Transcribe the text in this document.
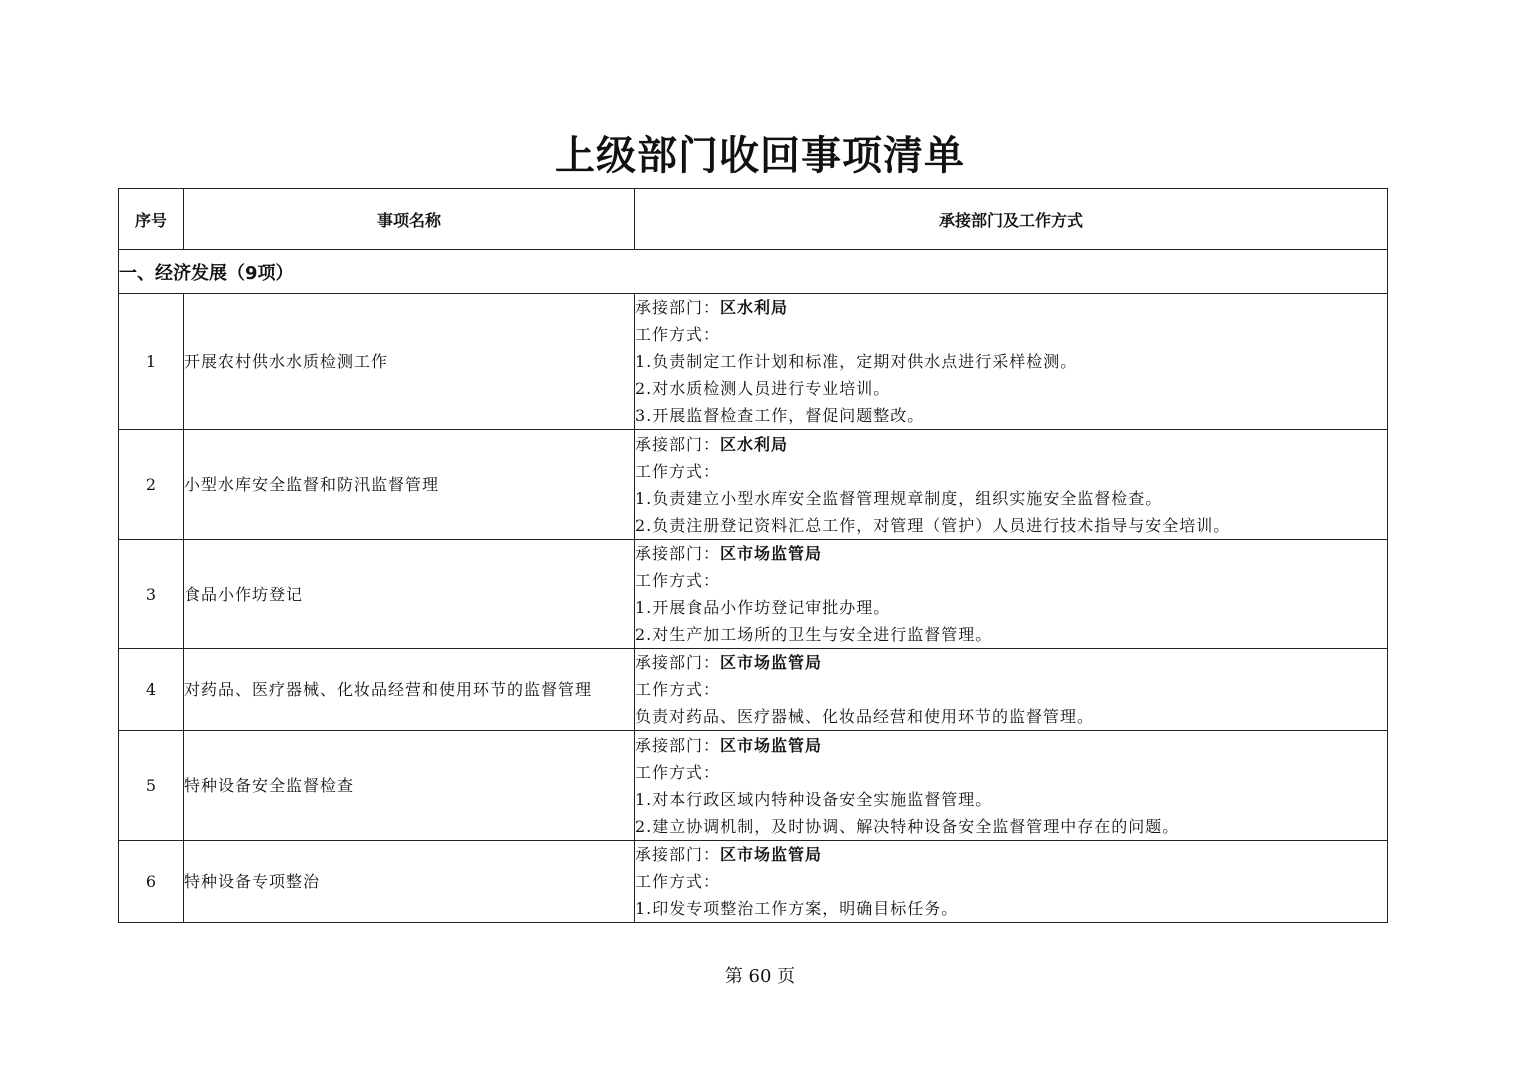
上级部门收回事项清单
序号	事项名称	承接部门及工作方式
一、经济发展（9项）		
1	开展农村供水水质检测工作	承接部门：区水利局
工作方式：
1.负责制定工作计划和标准，定期对供水点进行采样检测。
2.对水质检测人员进行专业培训。
3.开展监督检查工作，督促问题整改。

2	小型水库安全监督和防汛监督管理	承接部门：区水利局
工作方式：
1.负责建立小型水库安全监督管理规章制度，组织实施安全监督检查。
2.负责注册登记资料汇总工作，对管理（管护）人员进行技术指导与安全培训。

3	食品小作坊登记	承接部门：区市场监管局
工作方式：
1.开展食品小作坊登记审批办理。
2.对生产加工场所的卫生与安全进行监督管理。

4	对药品、医疗器械、化妆品经营和使用环节的监督管理	承接部门：区市场监管局
工作方式：
负责对药品、医疗器械、化妆品经营和使用环节的监督管理。

5	特种设备安全监督检查	承接部门：区市场监管局
工作方式：
1.对本行政区域内特种设备安全实施监督管理。
2.建立协调机制，及时协调、解决特种设备安全监督管理中存在的问题。

6	特种设备专项整治	承接部门：区市场监管局
工作方式：
1.印发专项整治工作方案，明确目标任务。
第 60 页
